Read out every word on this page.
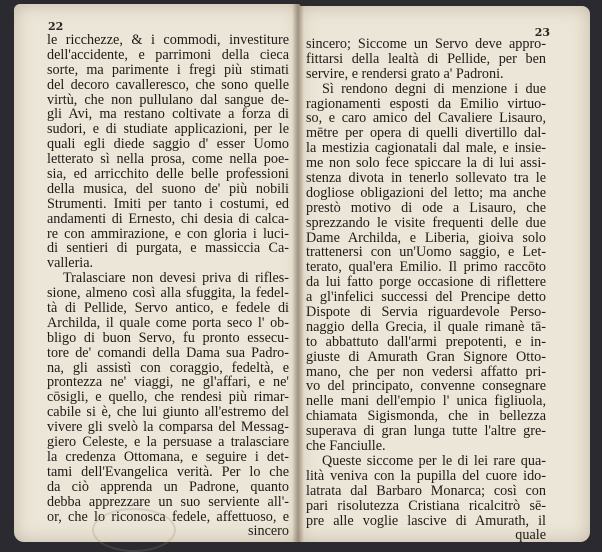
22
le ricchezze, & i commodi, investiture
dell'accidente, e parrimoni della cieca
sorte, ma parimente i fregi più stimati
del decoro cavalleresco, che sono quelle
virtù, che non pullulano dal sangue de-
gli Avi, ma restano coltivate a forza di
sudori, e di studiate applicazioni, per le
quali egli diede saggio d' esser Uomo
letterato sì nella prosa, come nella poe-
sia, ed arricchito delle belle professioni
della musica, del suono de' più nobili
Strumenti. Imiti per tanto i costumi, ed
andamenti di Ernesto, chi desia di calca-
re con ammirazione, e con gloria i luci-
di sentieri di purgata, e massiccia Ca-
valleria.
Tralasciare non devesi priva di rifles-
sione, almeno così alla sfuggita, la fedel-
tà di Pellide, Servo antico, e fedele di
Archilda, il quale come porta seco l' ob-
bligo di buon Servo, fu pronto essecu-
tore de' comandi della Dama sua Padro-
na, gli assistì con coraggio, fedeltà, e
prontezza ne' viaggi, ne gl'affari, e ne'
cōsigli, e quello, che rendesi più rimar-
cabile si è, che lui giunto all'estremo del
vivere gli svelò la comparsa del Messag-
giero Celeste, e la persuase a tralasciare
la credenza Ottomana, e seguire i det-
tami dell'Evangelica verità. Per lo che
da ciò apprenda un Padrone, quanto
debba apprezzare un suo serviente all'-
or, che lo riconosca fedele, affettuoso, e
sincero
23
sincero; Siccome un Servo deve appro-
fittarsi della lealtà di Pellide, per ben
servire, e rendersi grato a' Padroni.
Sì rendono degni di menzione i due
ragionamenti esposti da Emilio virtuo-
so, e caro amico del Cavaliere Lisauro,
mētre per opera di quelli divertillo dal-
la mestizia cagionatali dal male, e insie-
me non solo fece spiccare la di lui assi-
stenza divota in tenerlo sollevato tra le
dogliose obligazioni del letto; ma anche
prestò motivo di ode a Lisauro, che
sprezzando le visite frequenti delle due
Dame Archilda, e Liberia, gioiva solo
trattenersi con un'Uomo saggio, e Let-
terato, qual'era Emilio. Il primo raccōto
da lui fatto porge occasione di riflettere
a gl'infelici successi del Prencipe detto
Dispote di Servia riguardevole Perso-
naggio della Grecia, il quale rimanè tā-
to abbattuto dall'armi prepotenti, e in-
giuste di Amurath Gran Signore Otto-
mano, che per non vedersi affatto pri-
vo del principato, convenne consegnare
nelle mani dell'empio l' unica figliuola,
chiamata Sigismonda, che in bellezza
superava di gran lunga tutte l'altre gre-
che Fanciulle.
Queste siccome per le di lei rare qua-
lità veniva con la pupilla del cuore ido-
latrata dal Barbaro Monarca; così con
pari risolutezza Cristiana ricalcitrò sē-
pre alle voglie lascive di Amurath, il
quale
